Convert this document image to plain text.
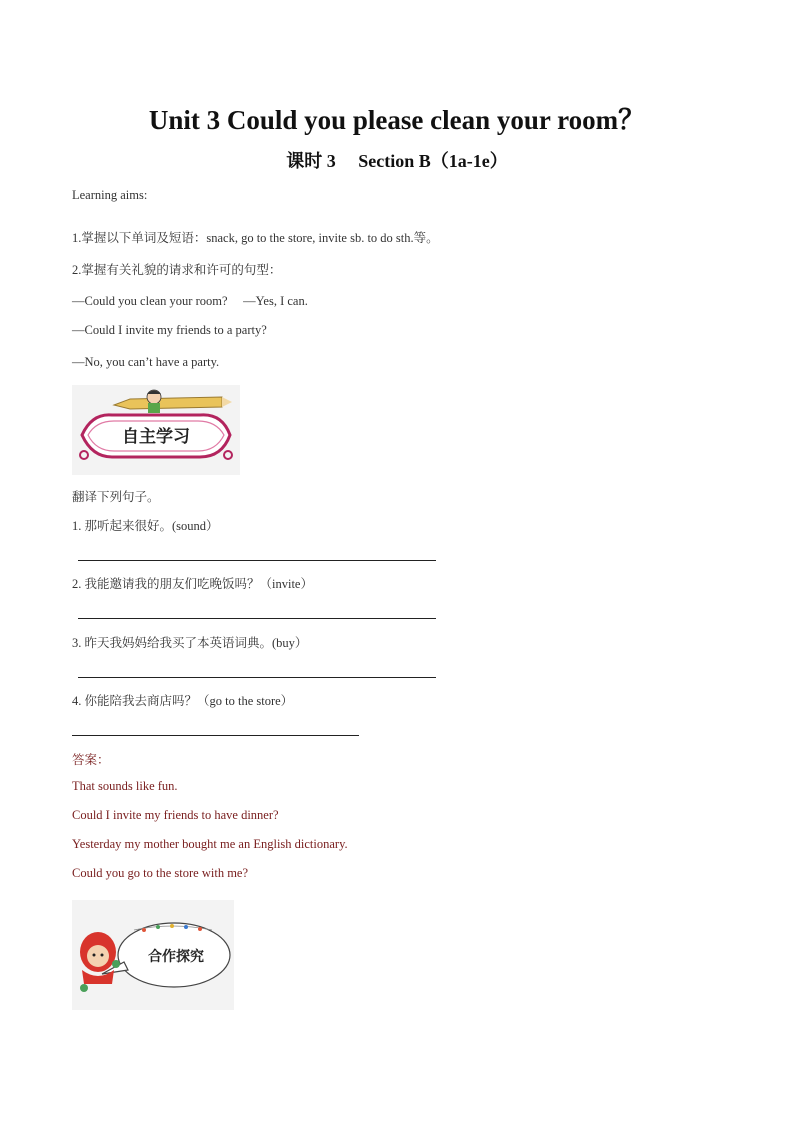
Unit 3 Could you please clean your room？
课时 3　 Section B（1a-1e）
Learning aims:
1.掌握以下单词及短语：snack, go to the store, invite sb. to do sth.等。
2.掌握有关礼貌的请求和许可的句型：
—Could you clean your room?　 —Yes, I can.
—Could I invite my friends to a party?
—No, you can’t have a party.
自主学习
翻译下列句子。
1. 那听起来很好。(sound）
2. 我能邀请我的朋友们吃晚饭吗？（invite）
3. 昨天我妈妈给我买了本英语词典。(buy）
4. 你能陪我去商店吗？（go to the store）
答案：
That sounds like fun.
Could I invite my friends to have dinner?
Yesterday my mother bought me an English dictionary.
Could you go to the store with me?
合作探究
